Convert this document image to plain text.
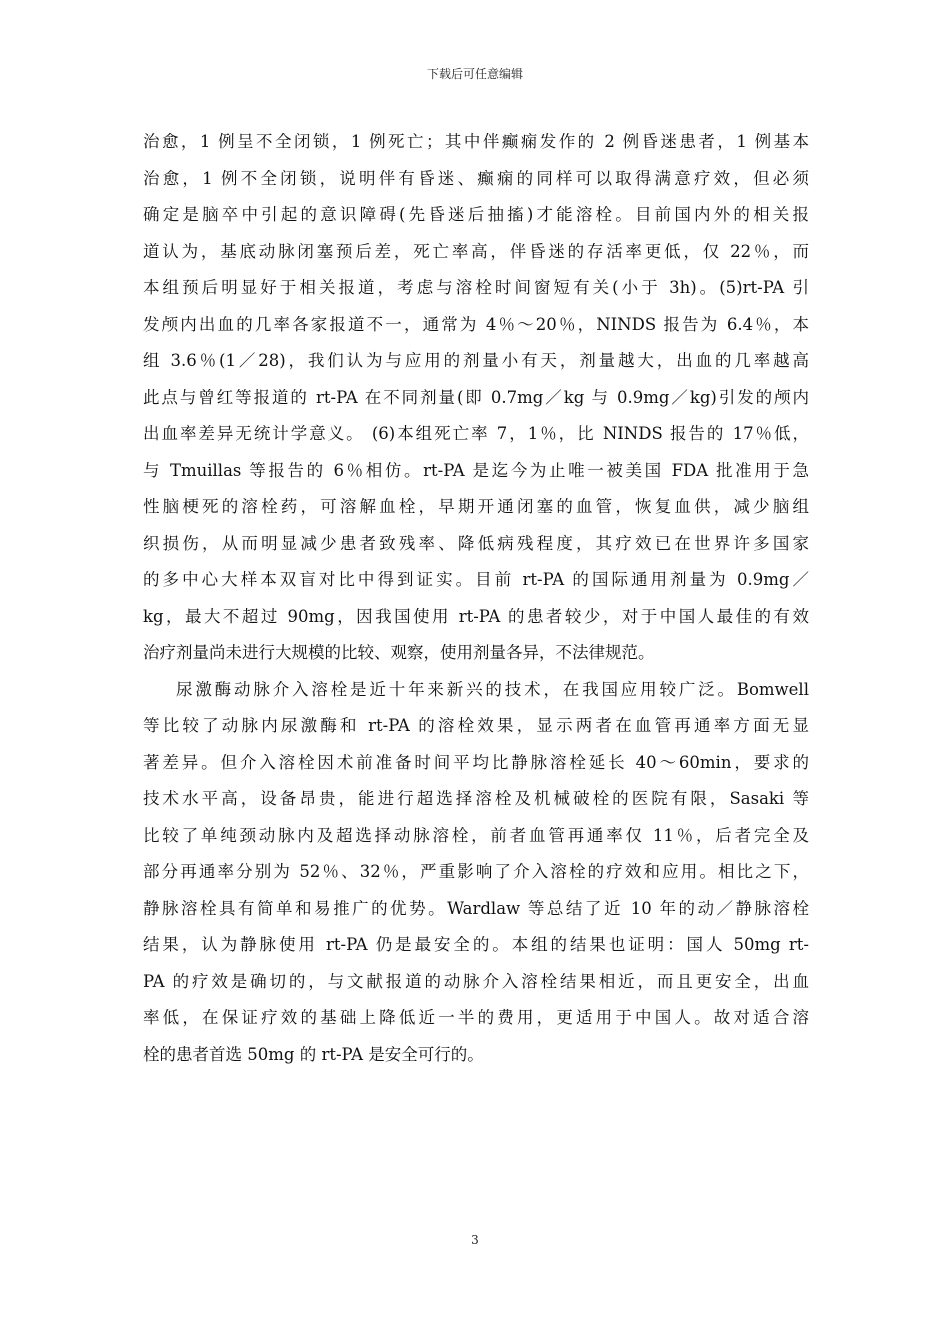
下载后可任意编辑
治愈，1 例呈不全闭锁，1 例死亡；其中伴癫痫发作的 2 例昏迷患者，1 例基本
治愈，1 例不全闭锁，说明伴有昏迷、癫痫的同样可以取得满意疗效，但必须
确定是脑卒中引起的意识障碍(先昏迷后抽搐)才能溶栓。目前国内外的相关报
道认为，基底动脉闭塞预后差，死亡率高，伴昏迷的存活率更低，仅 22％，而
本组预后明显好于相关报道，考虑与溶栓时间窗短有关(小于 3h)。(5)rt-PA 引
发颅内出血的几率各家报道不一，通常为 4％～20％，NINDS 报告为 6.4％，本
组 3.6％(1／28)，我们认为与应用的剂量小有天，剂量越大，出血的几率越高
此点与曾红等报道的 rt-PA 在不同剂量(即 0.7mg／kg 与 0.9mg／kg)引发的颅内
出血率差异无统计学意义。 (6)本组死亡率 7，1％，比 NINDS 报告的 17％低，
与 Tmuillas 等报告的 6％相仿。rt-PA 是迄今为止唯一被美国 FDA 批准用于急
性脑梗死的溶栓药，可溶解血栓，早期开通闭塞的血管，恢复血供，减少脑组
织损伤，从而明显减少患者致残率、降低病残程度，其疗效已在世界许多国家
的多中心大样本双盲对比中得到证实。目前 rt-PA 的国际通用剂量为 0.9mg／
kg，最大不超过 90mg，因我国使用 rt-PA 的患者较少，对于中国人最佳的有效
治疗剂量尚未进行大规模的比较、观察，使用剂量各异，不法律规范。
尿激酶动脉介入溶栓是近十年来新兴的技术，在我国应用较广泛。Bomwell
等比较了动脉内尿激酶和 rt-PA 的溶栓效果，显示两者在血管再通率方面无显
著差异。但介入溶栓因术前准备时间平均比静脉溶栓延长 40～60min，要求的
技术水平高，设备昂贵，能进行超选择溶栓及机械破栓的医院有限，Sasaki 等
比较了单纯颈动脉内及超选择动脉溶栓，前者血管再通率仅 11％，后者完全及
部分再通率分别为 52％、32％，严重影响了介入溶栓的疗效和应用。相比之下，
静脉溶栓具有简单和易推广的优势。Wardlaw 等总结了近 10 年的动／静脉溶栓
结果，认为静脉使用 rt-PA 仍是最安全的。本组的结果也证明：国人 50mg rt-
PA 的疗效是确切的，与文献报道的动脉介入溶栓结果相近，而且更安全，出血
率低，在保证疗效的基础上降低近一半的费用，更适用于中国人。故对适合溶
栓的患者首选 50mg 的 rt-PA 是安全可行的。
3
